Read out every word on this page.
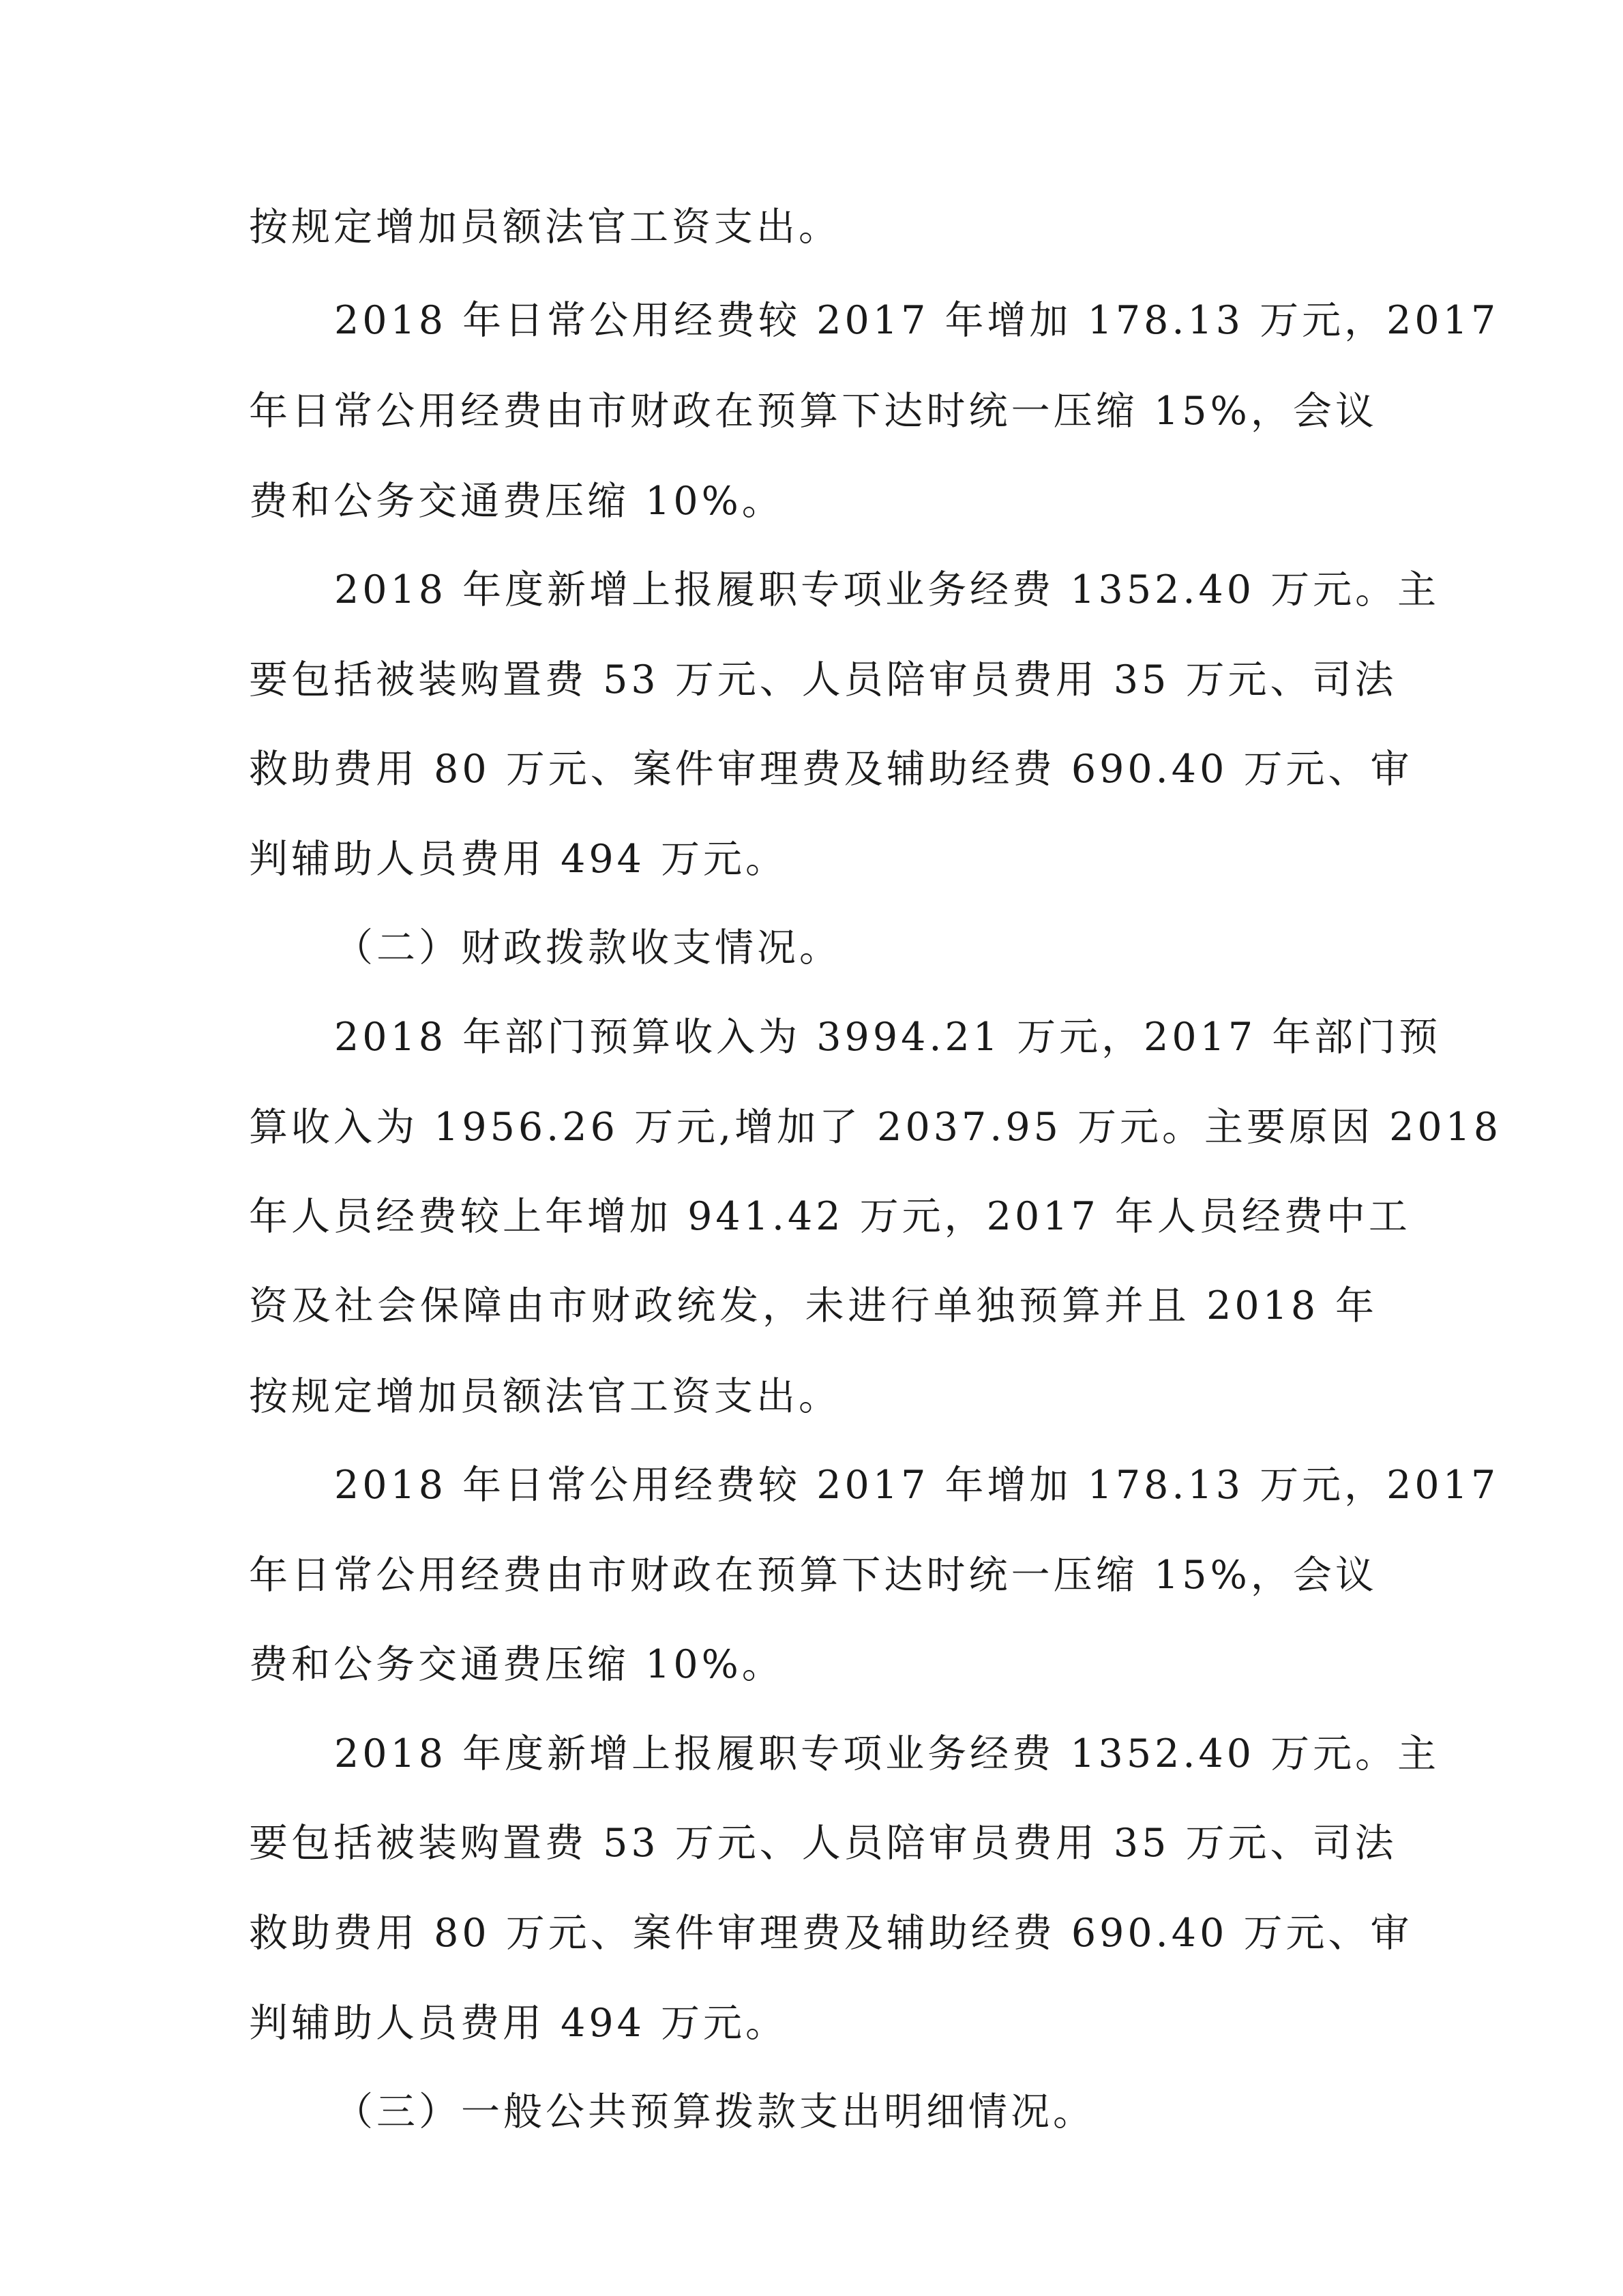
按规定增加员额法官工资支出。
2018 年日常公用经费较 2017 年增加 178.13 万元，2017
年日常公用经费由市财政在预算下达时统一压缩 15%，会议
费和公务交通费压缩 10%。
2018 年度新增上报履职专项业务经费 1352.40 万元。主
要包括被装购置费 53 万元、人员陪审员费用 35 万元、司法
救助费用 80 万元、案件审理费及辅助经费 690.40 万元、审
判辅助人员费用 494 万元。
（二）财政拨款收支情况。
2018 年部门预算收入为 3994.21 万元，2017 年部门预
算收入为 1956.26 万元,增加了 2037.95 万元。主要原因 2018
年人员经费较上年增加 941.42 万元，2017 年人员经费中工
资及社会保障由市财政统发，未进行单独预算并且 2018 年
按规定增加员额法官工资支出。
2018 年日常公用经费较 2017 年增加 178.13 万元，2017
年日常公用经费由市财政在预算下达时统一压缩 15%，会议
费和公务交通费压缩 10%。
2018 年度新增上报履职专项业务经费 1352.40 万元。主
要包括被装购置费 53 万元、人员陪审员费用 35 万元、司法
救助费用 80 万元、案件审理费及辅助经费 690.40 万元、审
判辅助人员费用 494 万元。
（三）一般公共预算拨款支出明细情况。
